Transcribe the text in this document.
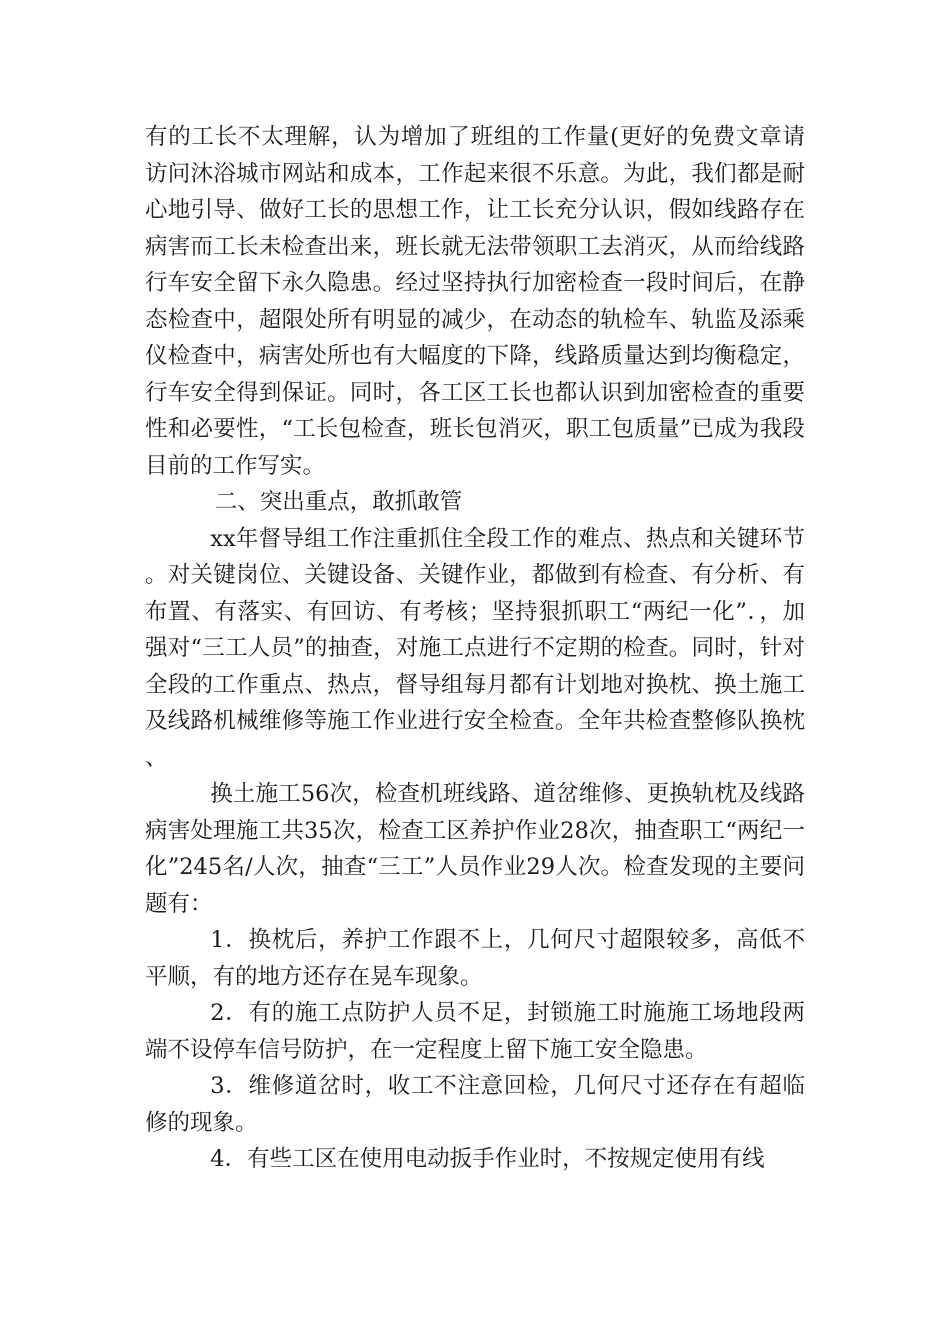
有的工长不太理解，认为增加了班组的工作量(更好的免费文章请访问沐浴城市网站和成本，工作起来很不乐意。为此，我们都是耐心地引导、做好工长的思想工作，让工长充分认识，假如线路存在病害而工长未检查出来，班长就无法带领职工去消灭，从而给线路行车安全留下永久隐患。经过坚持执行加密检查一段时间后，在静态检查中，超限处所有明显的减少，在动态的轨检车、轨监及添乘仪检查中，病害处所也有大幅度的下降，线路质量达到均衡稳定，行车安全得到保证。同时，各工区工长也都认识到加密检查的重要性和必要性，“工长包检查，班长包消灭，职工包质量”已成为我段目前的工作写实。

二、突出重点，敢抓敢管

xx年督导组工作注重抓住全段工作的难点、热点和关键环节。对关键岗位、关键设备、关键作业，都做到有检查、有分析、有布置、有落实、有回访、有考核；坚持狠抓职工“两纪一化”．，加强对“三工人员”的抽查，对施工点进行不定期的检查。同时，针对全段的工作重点、热点，督导组每月都有计划地对换枕、换土施工及线路机械维修等施工作业进行安全检查。全年共检查整修队换枕、

换土施工56次，检查机班线路、道岔维修、更换轨枕及线路病害处理施工共35次，检查工区养护作业28次，抽查职工“两纪一化”245名/人次，抽查“三工”人员作业29人次。检查发现的主要问题有：

1．换枕后，养护工作跟不上，几何尺寸超限较多，高低不平顺，有的地方还存在晃车现象。

2．有的施工点防护人员不足，封锁施工时施施工场地段两端不设停车信号防护，在一定程度上留下施工安全隐患。

3．维修道岔时，收工不注意回检，几何尺寸还存在有超临修的现象。

4．有些工区在使用电动扳手作业时，不按规定使用有线
